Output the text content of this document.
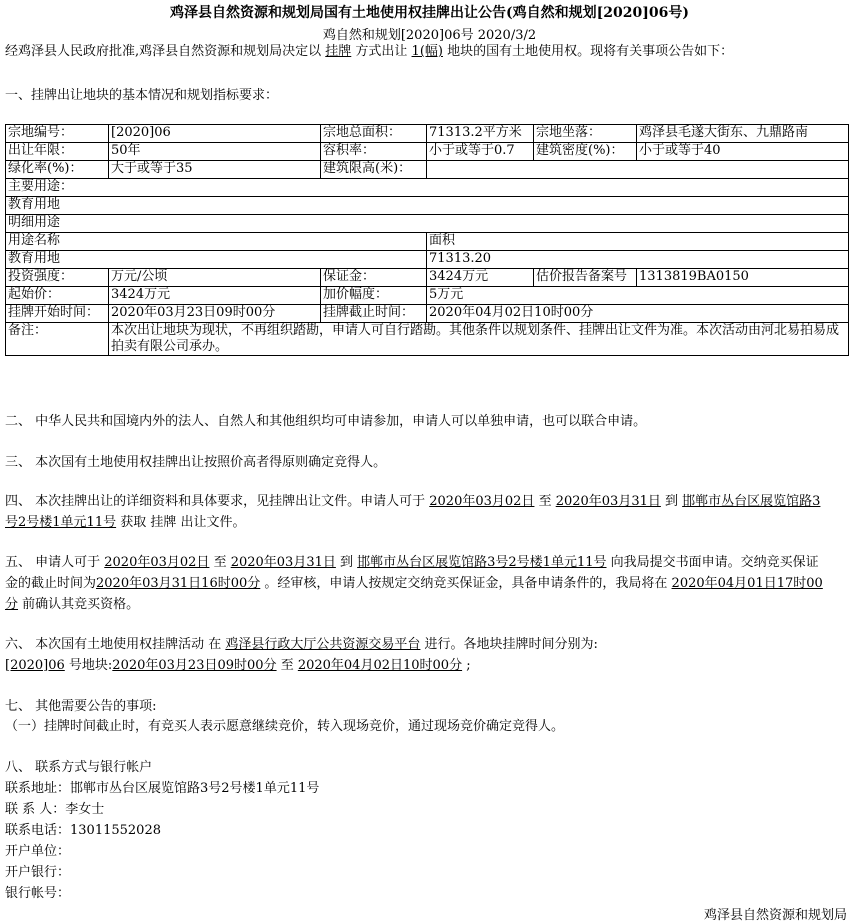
鸡泽县自然资源和规划局国有土地使用权挂牌出让公告(鸡自然和规划[2020]06号)
鸡自然和规划[2020]06号 2020/3/2
经鸡泽县人民政府批准,鸡泽县自然资源和规划局决定以 挂牌 方式出让 1(幅) 地块的国有土地使用权。现将有关事项公告如下：
一、挂牌出让地块的基本情况和规划指标要求：
宗地编号：	[2020]06	宗地总面积：	71313.2平方米	宗地坐落：	鸡泽县毛遂大街东、九鼎路南
出让年限：	50年	容积率：	小于或等于0.7	建筑密度(%)：	小于或等于40
绿化率(%)：	大于或等于35	建筑限高(米)：			
主要用途：					
教育用地					
明细用途					
用途名称			面积		
教育用地			71313.20		
投资强度：	万元/公顷	保证金：	3424万元	估价报告备案号	1313819BA0150
起始价：	3424万元	加价幅度：	5万元		
挂牌开始时间：	2020年03月23日09时00分	挂牌截止时间：	2020年04月02日10时00分		
备注：	本次出让地块为现状，不再组织踏勘，申请人可自行踏勘。其他条件以规划条件、挂牌出让文件为准。本次活动由河北易拍易成拍卖有限公司承办。				
二、 中华人民共和国境内外的法人、自然人和其他组织均可申请参加，申请人可以单独申请，也可以联合申请。
三、 本次国有土地使用权挂牌出让按照价高者得原则确定竞得人。
四、 本次挂牌出让的详细资料和具体要求，见挂牌出让文件。申请人可于 2020年03月02日 至 2020年03月31日 到 邯郸市丛台区展览馆路3
号2号楼1单元11号 获取 挂牌 出让文件。
五、 申请人可于 2020年03月02日 至 2020年03月31日 到 邯郸市丛台区展览馆路3号2号楼1单元11号 向我局提交书面申请。交纳竞买保证
金的截止时间为2020年03月31日16时00分 。经审核，申请人按规定交纳竞买保证金，具备申请条件的，我局将在 2020年04月01日17时00
分 前确认其竞买资格。
六、 本次国有土地使用权挂牌活动 在 鸡泽县行政大厅公共资源交易平台 进行。各地块挂牌时间分别为:
[2020]06 号地块:2020年03月23日09时00分 至 2020年04月02日10时00分 ;
七、 其他需要公告的事项:
（一）挂牌时间截止时，有竞买人表示愿意继续竞价，转入现场竞价，通过现场竞价确定竞得人。
八、 联系方式与银行帐户
联系地址：邯郸市丛台区展览馆路3号2号楼1单元11号
联 系 人：李女士
联系电话：13011552028
开户单位：
开户银行：
银行帐号：
鸡泽县自然资源和规划局
